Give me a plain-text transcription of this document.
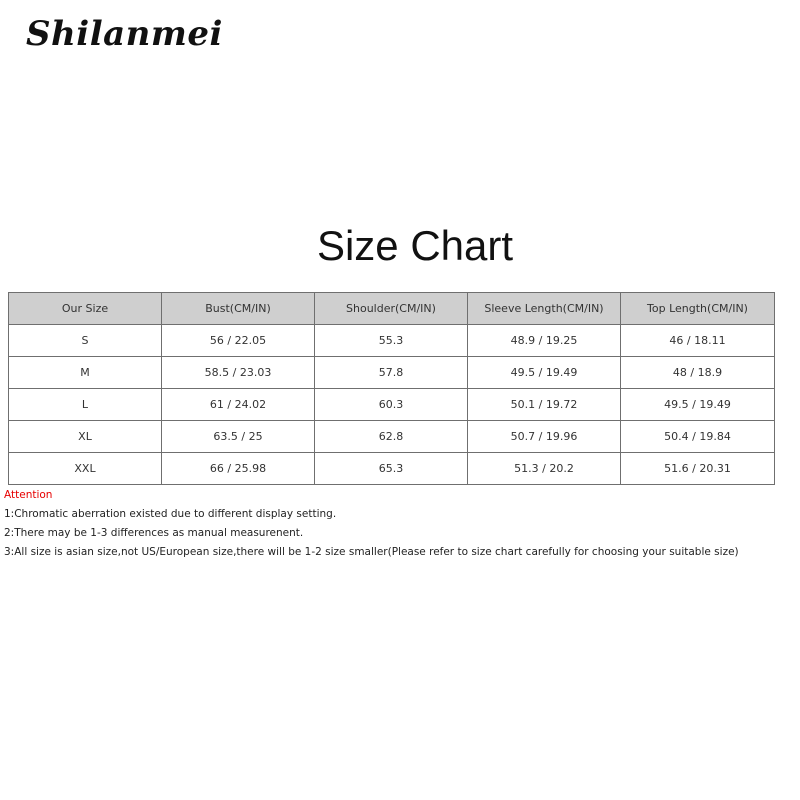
Shilanmei
Size Chart
Our Size	Bust(CM/IN)	Shoulder(CM/IN)	Sleeve Length(CM/IN)	Top Length(CM/IN)
S	56 / 22.05	55.3	48.9 / 19.25	46 / 18.11
M	58.5 / 23.03	57.8	49.5 / 19.49	48 / 18.9
L	61 / 24.02	60.3	50.1 / 19.72	49.5 / 19.49
XL	63.5 / 25	62.8	50.7 / 19.96	50.4 / 19.84
XXL	66 / 25.98	65.3	51.3 / 20.2	51.6 / 20.31
Attention
1:Chromatic aberration existed due to different display setting.
2:There may be 1-3 differences as manual measurenent.
3:All size is asian size,not US/European size,there will be 1-2 size smaller(Please refer to size chart carefully for choosing your suitable size)
